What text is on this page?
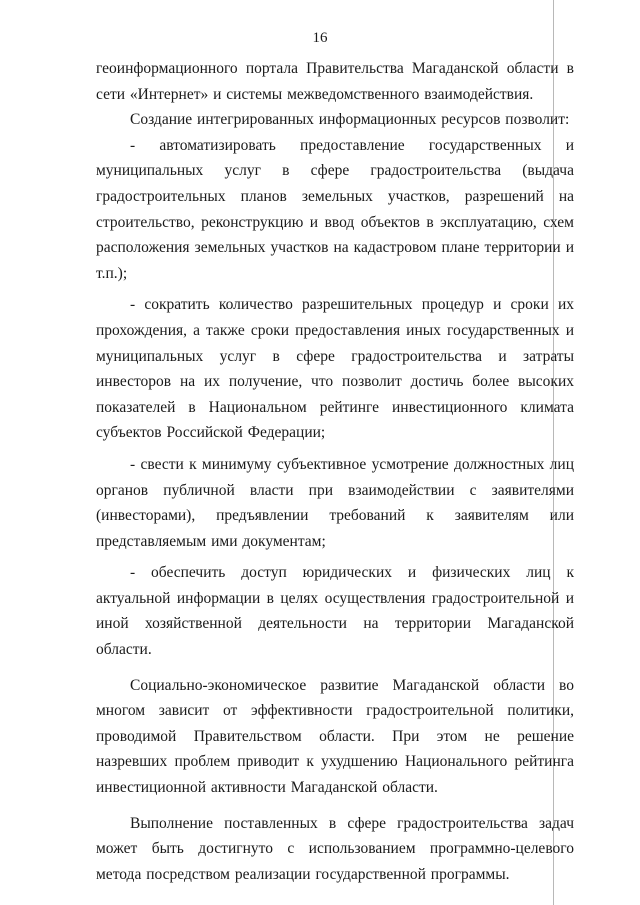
16

геоинформационного портала Правительства Магаданской области в сети «Интернет» и системы межведомственного взаимодействия.

Создание интегрированных информационных ресурсов позволит:

- автоматизировать предоставление государственных и муниципальных услуг в сфере градостроительства (выдача градостроительных планов земельных участков, разрешений на строительство, реконструкцию и ввод объектов в эксплуатацию, схем расположения земельных участков на кадастровом плане территории и т.п.);

- сократить количество разрешительных процедур и сроки их прохождения, а также сроки предоставления иных государственных и муниципальных услуг в сфере градостроительства и затраты инвесторов на их получение, что позволит достичь более высоких показателей в Национальном рейтинге инвестиционного климата субъектов Российской Федерации;

- свести к минимуму субъективное усмотрение должностных лиц органов публичной власти при взаимодействии с заявителями (инвесторами), предъявлении требований к заявителям или представляемым ими документам;

- обеспечить доступ юридических и физических лиц к актуальной информации в целях осуществления градостроительной и иной хозяйственной деятельности на территории Магаданской области.

Социально-экономическое развитие Магаданской области во многом зависит от эффективности градостроительной политики, проводимой Правительством области. При этом не решение назревших проблем приводит к ухудшению Национального рейтинга инвестиционной активности Магаданской области.

Выполнение поставленных в сфере градостроительства задач может быть достигнуто с использованием программно-целевого метода посредством реализации государственной программы.
